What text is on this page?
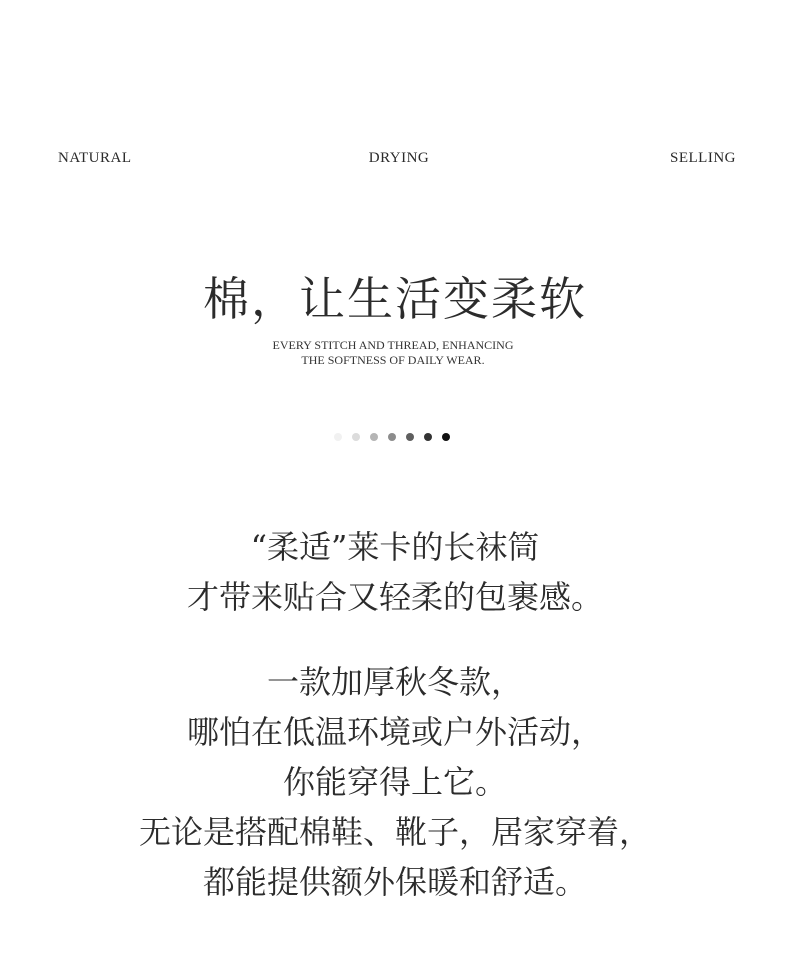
NATURAL	DRYING	SELLING
棉，让生活变柔软
EVERY STITCH AND THREAD, ENHANCING
THE SOFTNESS OF DAILY WEAR.
“柔适”莱卡的长袜筒
才带来贴合又轻柔的包裹感。
一款加厚秋冬款，
哪怕在低温环境或户外活动，
你能穿得上它。
无论是搭配棉鞋、靴子，居家穿着，
都能提供额外保暖和舒适。
